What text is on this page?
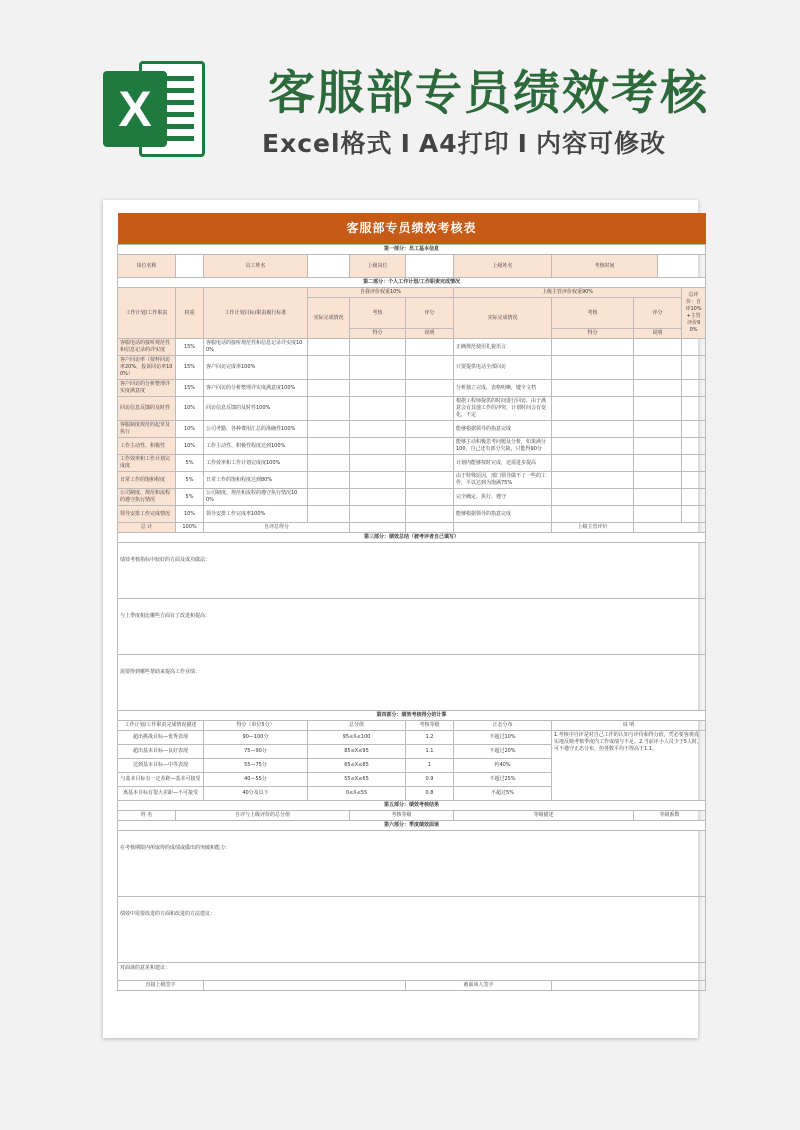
X	客服部专员绩效考核
Excel格式 I A4打印 I 内容可修改
客服部专员绩效考核表										
第一部分：员工基本信息										
岗位名称		员工姓名		上级岗位		上级姓名	考核时间			
第二部分：个人工作计划/工作职责完成情况										
工作计划/工作职责	权重	工作计划目标/职责履行标准	自我评价权重10%			上级主管评价权重90%				总评价：自评10%+主管评价90%
			实际完成情况	考核	评分	实际完成情况	考核	评分		
				得分	说明		得分	说明		
客服电话的接听规范性和信息记录的详实度	15%	客服电话的接听规范性和信息记录详实度100%				正确规范使用礼貌语言				
客户回访率（按杯回访率20%，投诉回访率100%）	15%	客户回访完成率100%				只要提供电话全部回访				
客户回访的分析整理详实度满意度	15%	客户回访的分析整理详实度满意度100%				分析独立完成，表格明晰，键全文档				
回访信息反馈的及时性	10%	回访信息反馈的及时性100%				根据工程师提供的时间进行回访，由于满意会有其他工作的冲突，计划时间会有变化，不定				
客服制度规范的起草及执行	10%	公司考勤、各种费用汇总的准确性100%				能够根据领导的指意完成				
工作主动性、积极性	10%	工作主动性、积极性程度达到100%				能够主动积极思考问题及分析，如果满分100，自己还有部分欠缺，只能得90分				
工作效率和工作计划完成度	5%	工作效率和工作计划完成度100%				计划内能够按时完成，还需进步提高				
日常工作的饱和程度	5%	日常工作的饱和程度达到80%				由于特殊原因，部门领导做不了一些的工作，平以达到为饱满75%				
公司制度、规范和流程的遵守执行情况	5%	公司制度、规范和流程的遵守执行情况100%				完全确定、执行、遵守				
领导安排工作完成情况	10%	领导安排工作完成率100%				能够根据领导的指意完成				
总 计	100%	自评总得分					上级主管评价			
第三部分：绩效总结（被考评者自己填写）										
绩效考核指标中较好的方面及成功做法：										
与上季度相比哪些方面有了改进和提高：										
需要得到哪些帮助来提高工作业绩：										
第四部分：绩效考核得分的计算										
工作计划/工作职责完成情况描述		得分（单位5分）	总分值		考核等级	正态分布	说 明			
超出挑战目标—优秀表现		90—100分	95≤X≤100		1.2	不超过10%	1.考核中自评是对自己工作的认知与评价和得分值，凭必要客观真实地反映考核季度内工作成绩与不足。2.当前评小人员少于5人时，可不遵守正态分布，但各数平均不得高于1.1。			
超出基本目标—良好表现		75—90分	85≤X≤95		1.1	不超过20%				
达到基本目标—中等表现		55—75分	65≤X≤85		1	约40%				
与基本目标有一定差距—基本可接受		40—55分	55≤X≤65		0.9	不超过25%				
离基本目标有很大差距—不可接受		40分及以下	0≤X≤55		0.8	不超过5%				
第五部分：绩效考核结果										
姓 名	自评与上级评价的总分值			考核等级		等级描述		等级系数		
第六部分：季度绩效面谈										
在考核期限内所取得的成绩或做出的突破和能力：										
绩效中需要改进的方面和改进的方法建议：										
对面谈的意见和建议：										
直接上级签字					被面谈人签字					
